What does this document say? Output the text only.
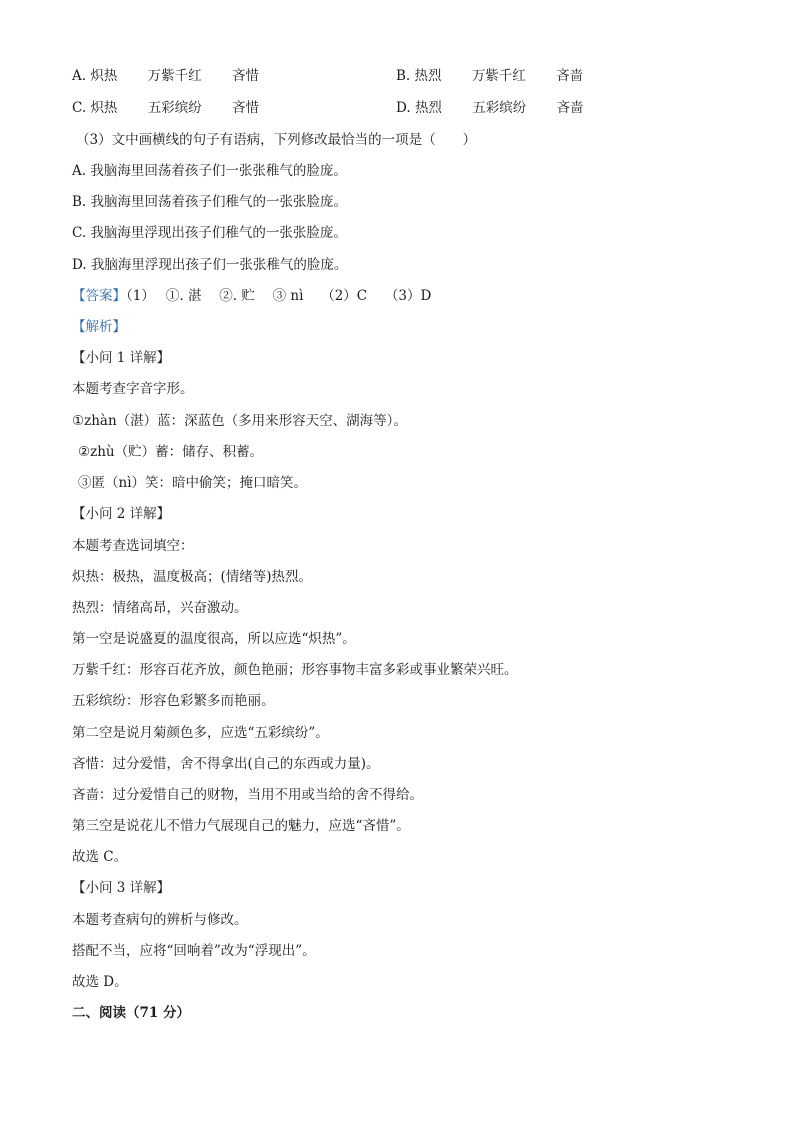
A. 炽热 万紫千红 吝惜	B. 热烈 万紫千红 吝啬
C. 炽热 五彩缤纷 吝惜	D. 热烈 五彩缤纷 吝啬
（3）文中画横线的句子有语病，下列修改最恰当的一项是（　　）
A. 我脑海里回荡着孩子们一张张稚气的脸庞。
B. 我脑海里回荡着孩子们稚气的一张张脸庞。
C. 我脑海里浮现出孩子们稚气的一张张脸庞。
D. 我脑海里浮现出孩子们一张张稚气的脸庞。
【答案】（1）　 ①. 湛　 ②. 贮　 ③ nì　 （2）C　 （3）D
【解析】
【小问 1 详解】
本题考查字音字形。
①zhàn（湛）蓝：深蓝色（多用来形容天空、湖海等）。
②zhù（贮）蓄：储存、积蓄。
③匿（nì）笑：暗中偷笑；掩口暗笑。
【小问 2 详解】
本题考查选词填空：
炽热：极热，温度极高；(情绪等)热烈。
热烈：情绪高昂，兴奋激动。
第一空是说盛夏的温度很高，所以应选“炽热”。
万紫千红：形容百花齐放，颜色艳丽；形容事物丰富多彩或事业繁荣兴旺。
五彩缤纷：形容色彩繁多而艳丽。
第二空是说月菊颜色多，应选“五彩缤纷”。
吝惜：过分爱惜，舍不得拿出(自己的东西或力量)。
吝啬：过分爱惜自己的财物，当用不用或当给的舍不得给。
第三空是说花儿不惜力气展现自己的魅力，应选“吝惜”。
故选 C。
【小问 3 详解】
本题考查病句的辨析与修改。
搭配不当，应将“回响着”改为“浮现出”。
故选 D。
二、阅读（71 分）
